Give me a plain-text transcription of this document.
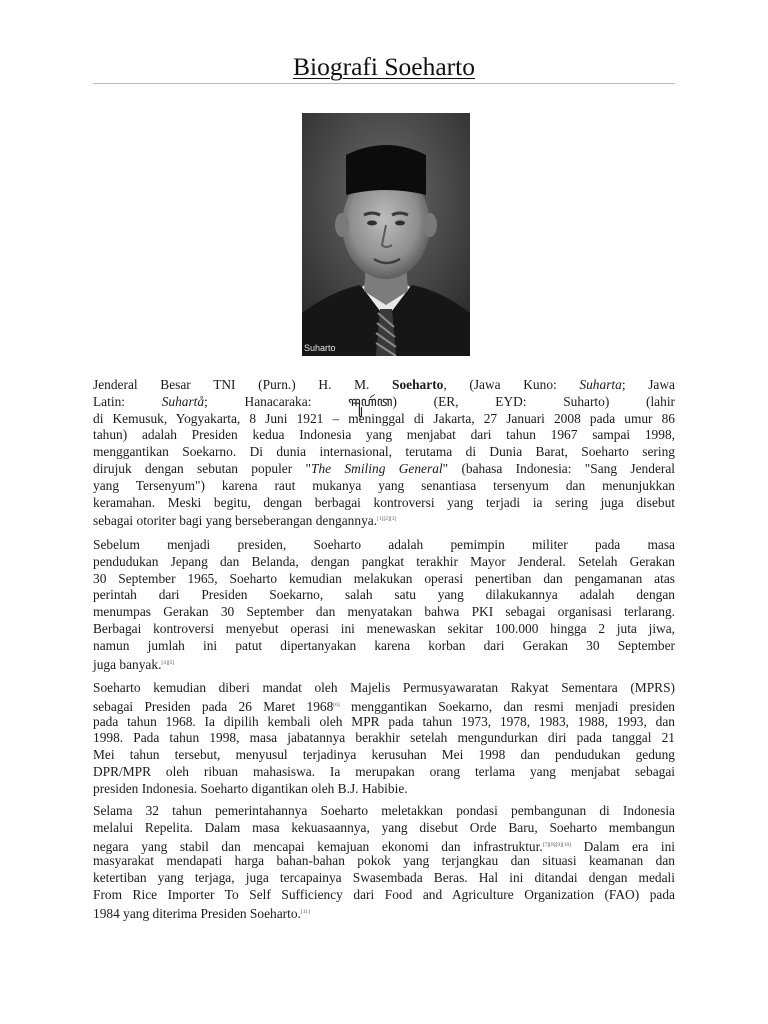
Biografi Soeharto
Suharto
Jenderal Besar TNI (Purn.) H. M. Soeharto, (Jawa Kuno: Suharta; Jawa
Latin:	Suhartå; Hanacaraka: ꦯꦸꦲꦂꦠ) (ER, EYD: Suharto) (lahir
di Kemusuk, Yogyakarta, 8 Juni 1921 – meninggal di Jakarta, 27 Januari 2008 pada umur 86
tahun) adalah Presiden kedua Indonesia yang menjabat dari tahun 1967 sampai 1998,
menggantikan Soekarno. Di dunia internasional, terutama di Dunia Barat, Soeharto sering
dirujuk dengan sebutan populer "The Smiling General" (bahasa Indonesia: "Sang Jenderal
yang Tersenyum") karena raut mukanya yang senantiasa tersenyum dan menunjukkan
keramahan. Meski begitu, dengan berbagai kontroversi yang terjadi ia sering juga disebut
sebagai otoriter bagi yang berseberangan dengannya.[1][2][3]
Sebelum menjadi presiden, Soeharto adalah pemimpin militer pada masa
pendudukan Jepang dan Belanda, dengan pangkat terakhir Mayor Jenderal. Setelah Gerakan
30 September 1965, Soeharto kemudian melakukan operasi penertiban dan pengamanan atas
perintah dari Presiden Soekarno, salah satu yang dilakukannya adalah dengan
menumpas Gerakan 30 September dan menyatakan bahwa PKI sebagai organisasi terlarang.
Berbagai kontroversi menyebut operasi ini menewaskan sekitar 100.000 hingga 2 juta jiwa,
namun jumlah ini patut dipertanyakan karena korban dari Gerakan 30 September
juga banyak.[4][5]
Soeharto kemudian diberi mandat oleh Majelis Permusyawaratan Rakyat Sementara (MPRS)
sebagai Presiden pada 26 Maret 1968[6] menggantikan Soekarno, dan resmi menjadi presiden
pada tahun 1968. Ia dipilih kembali oleh MPR pada tahun 1973, 1978, 1983, 1988, 1993, dan
1998. Pada tahun 1998, masa jabatannya berakhir setelah mengundurkan diri pada tanggal 21
Mei tahun tersebut, menyusul terjadinya kerusuhan Mei 1998 dan pendudukan gedung
DPR/MPR oleh ribuan mahasiswa. Ia merupakan orang terlama yang menjabat sebagai
presiden Indonesia. Soeharto digantikan oleh B.J. Habibie.
Selama 32 tahun pemerintahannya Soeharto meletakkan pondasi pembangunan di Indonesia
melalui Repelita. Dalam masa kekuasaannya, yang disebut Orde Baru, Soeharto membangun
negara yang stabil dan mencapai kemajuan ekonomi dan infrastruktur.[7][8][9][10] Dalam era ini
masyarakat mendapati harga bahan-bahan pokok yang terjangkau dan situasi keamanan dan
ketertiban yang terjaga, juga tercapainya Swasembada Beras. Hal ini ditandai dengan medali
From Rice Importer To Self Sufficiency dari Food and Agriculture Organization (FAO) pada
1984 yang diterima Presiden Soeharto.[11]
